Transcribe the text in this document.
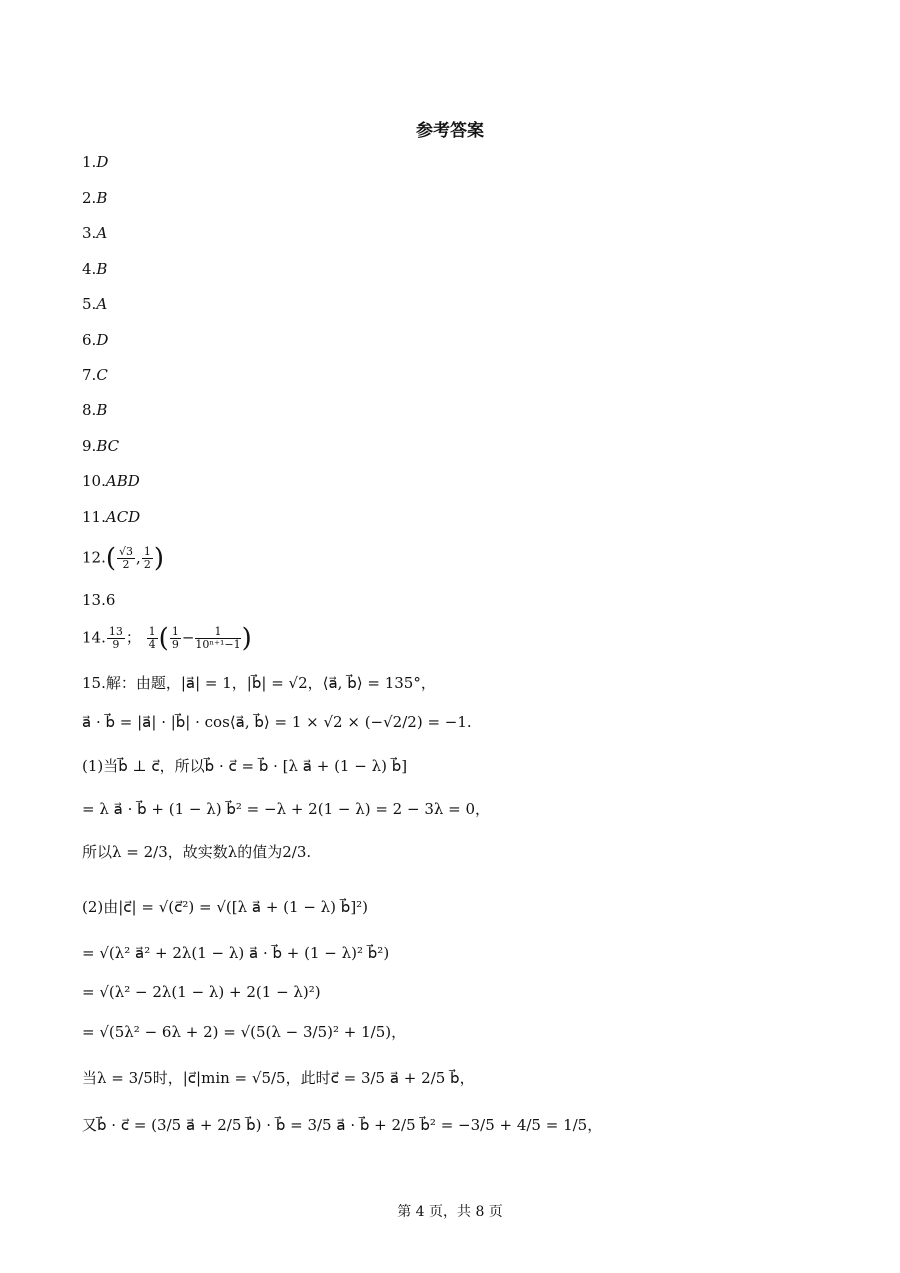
参考答案
1.D
2.B
3.A
4.B
5.A
6.D
7.C
8.B
9.BC
10.ABD
11.ACD
$12.( \frac{√3}{2}$ , $\frac{1}{2}$ )
13.6
14. $\frac{13}{9}$ ； $\frac{1}{4}$ ( $\frac{1}{9} - \frac{1}{\text{10ⁿ⁺¹−1}}$ )
15.解：由题，|a⃗| = 1，|b⃗| = √2，⟨a⃗, b⃗⟩ = 135°，
a⃗ · b⃗ = |a⃗| · |b⃗| · cos⟨a⃗, b⃗⟩ = 1 × √2 × (−√2/2) = −1.
(1)当b⃗ ⊥ c⃗，所以b⃗ · c⃗ = b⃗ · [λ a⃗ + (1 − λ) b⃗]
= λ a⃗ · b⃗ + (1 − λ) b⃗² = −λ + 2(1 − λ) = 2 − 3λ = 0，
所以λ = 2/3，故实数λ的值为2/3.
(2)由|c⃗| = √(c⃗²) = √([λ a⃗ + (1 − λ) b⃗]²)
= √(λ² a⃗² + 2λ(1 − λ) a⃗ · b⃗ + (1 − λ)² b⃗²)
= √(λ² − 2λ(1 − λ) + 2(1 − λ)²)
= √(5λ² − 6λ + 2) = √(5(λ − 3/5)² + 1/5)，
当λ = 3/5时，|c⃗|min = √5/5，此时c⃗ = 3/5 a⃗ + 2/5 b⃗，
又b⃗ · c⃗ = (3/5 a⃗ + 2/5 b⃗) · b⃗ = 3/5 a⃗ · b⃗ + 2/5 b⃗² = −3/5 + 4/5 = 1/5，
第 4 页，共 8 页
